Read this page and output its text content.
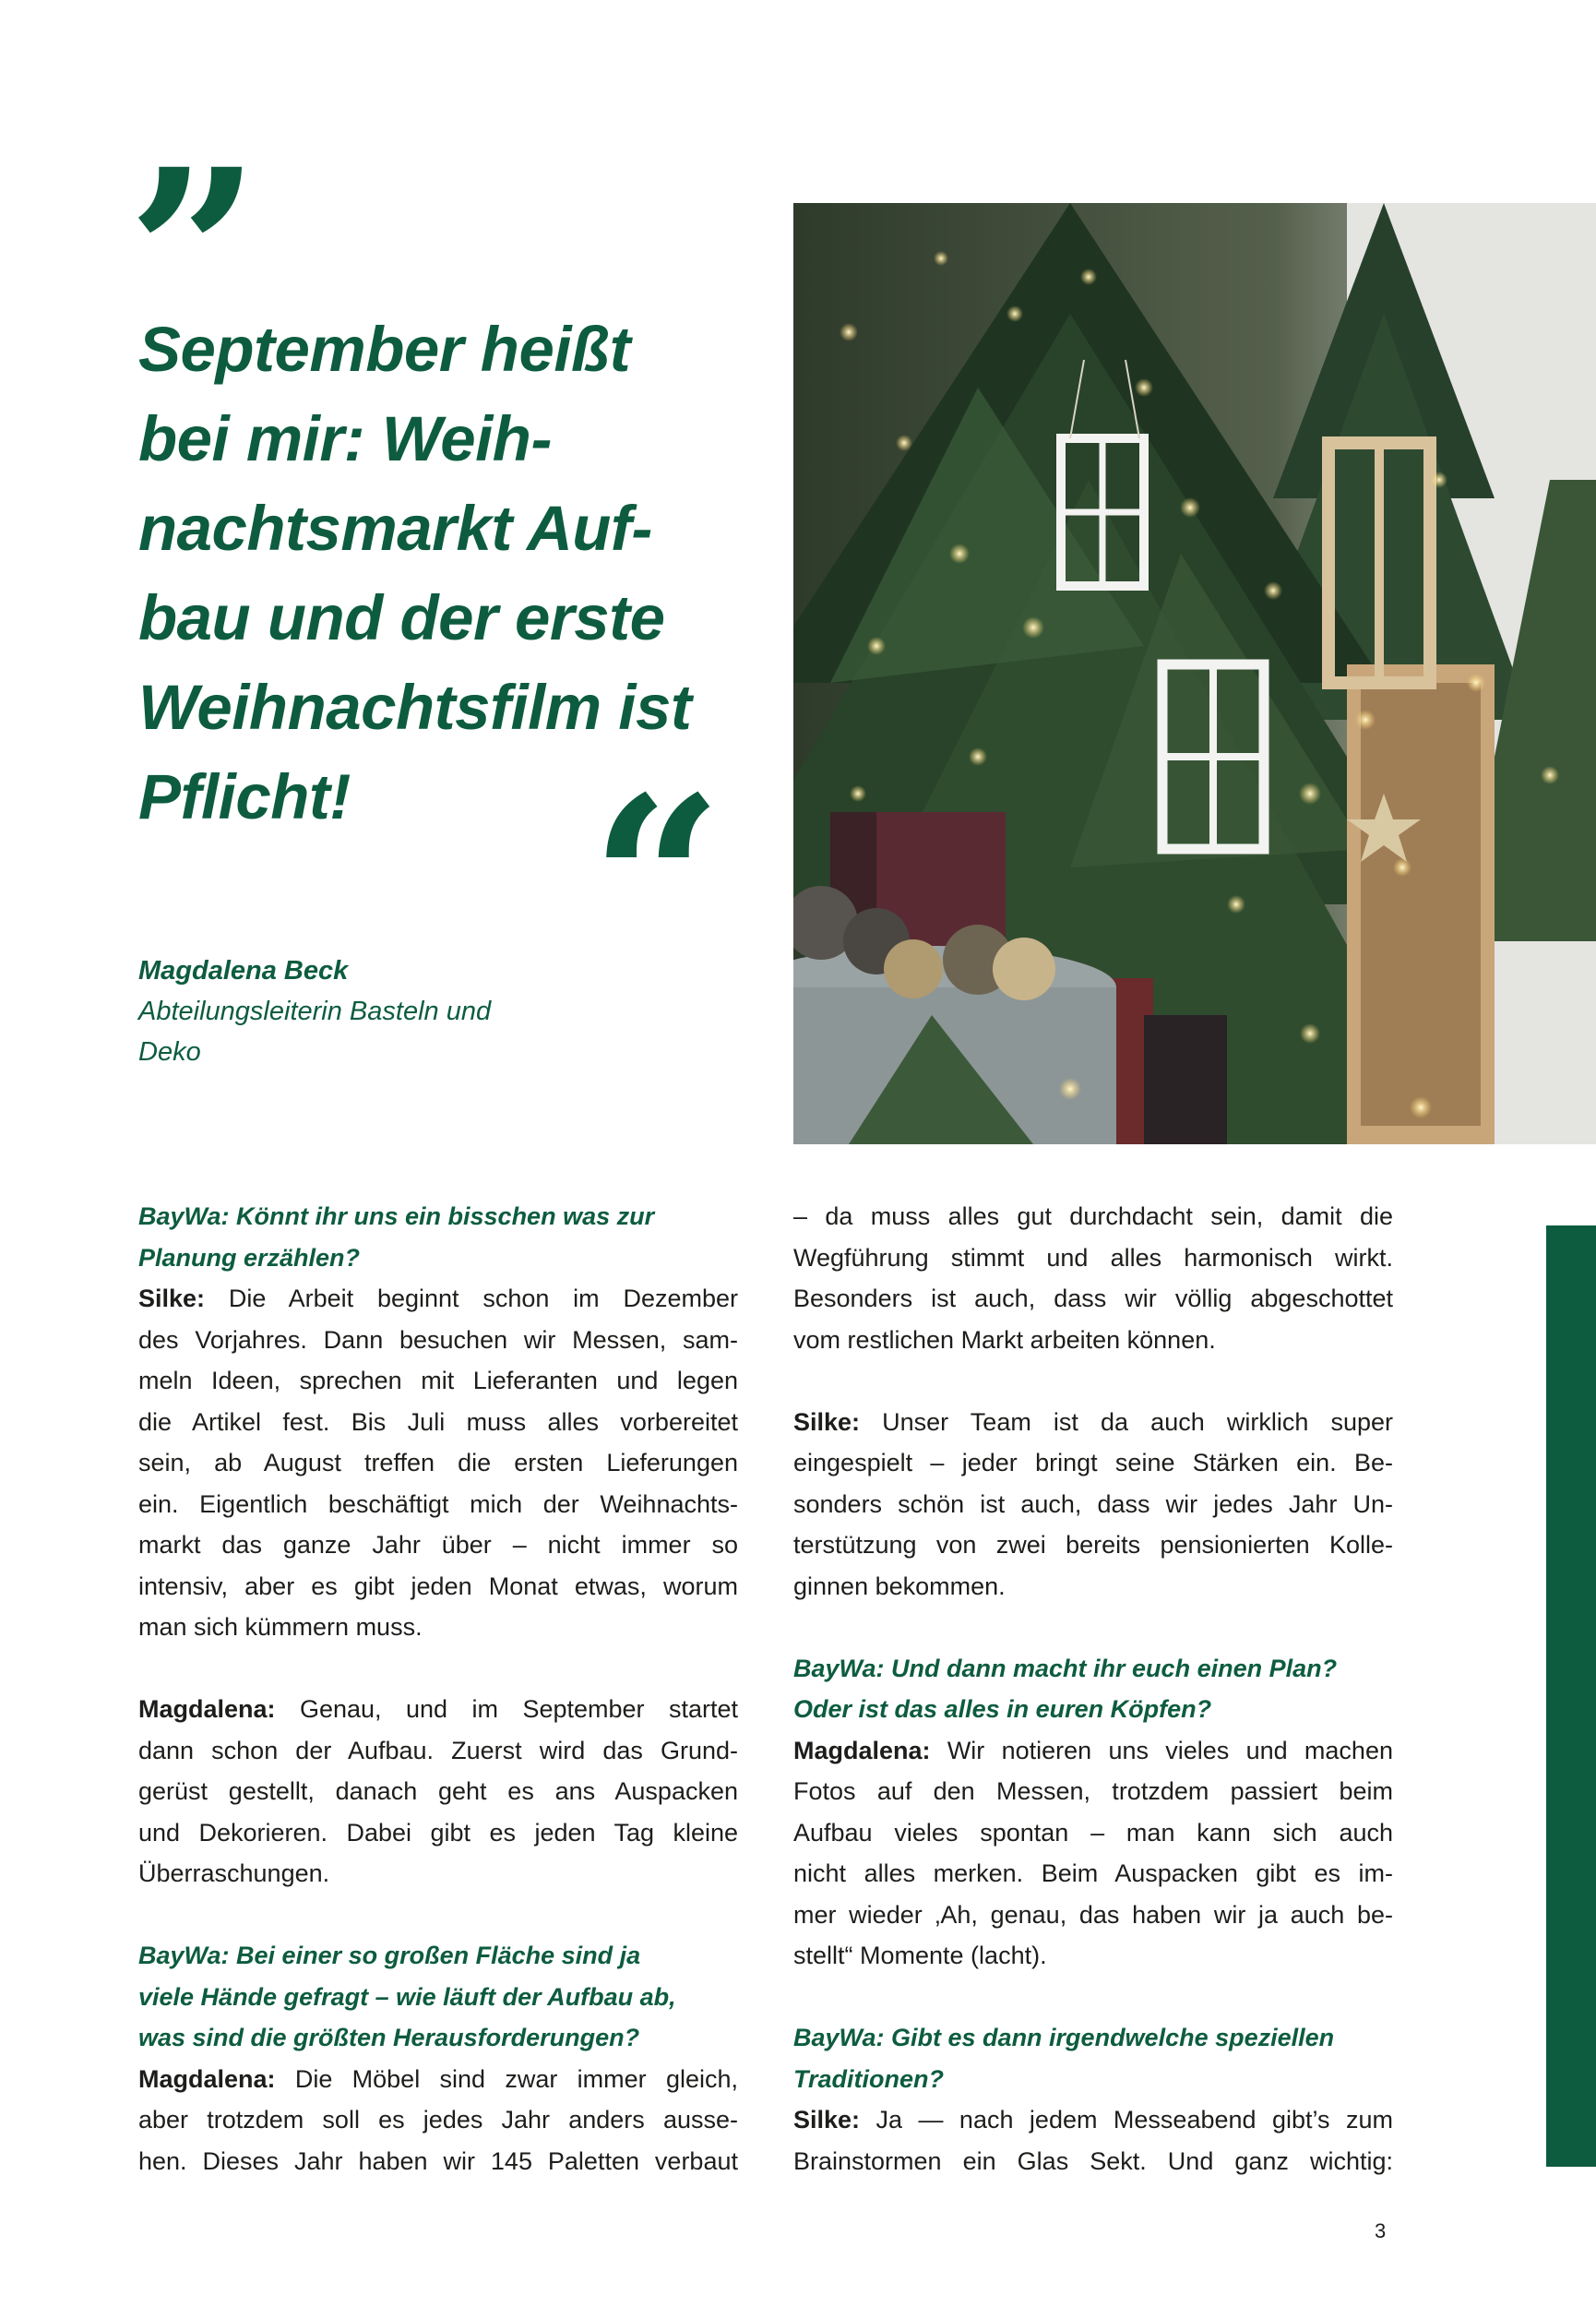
”
September heißt
bei mir: Weih-
nachtsmarkt Auf-
bau und der erste
Weihnachtsfilm ist
Pflicht!	“
Magdalena Beck
Abteilungsleiterin Basteln und
Deko
BayWa: Könnt ihr uns ein bisschen was zur
Planung erzählen?
Silke: Die Arbeit beginnt schon im Dezember
des Vorjahres. Dann besuchen wir Messen, sam-
meln Ideen, sprechen mit Lieferanten und legen
die Artikel fest. Bis Juli muss alles vorbereitet
sein, ab August treffen die ersten Lieferungen
ein. Eigentlich beschäftigt mich der Weihnachts-
markt das ganze Jahr über – nicht immer so
intensiv, aber es gibt jeden Monat etwas, worum
man sich kümmern muss.
Magdalena: Genau, und im September startet
dann schon der Aufbau. Zuerst wird das Grund-
gerüst gestellt, danach geht es ans Auspacken
und Dekorieren. Dabei gibt es jeden Tag kleine
Überraschungen.
BayWa: Bei einer so großen Fläche sind ja
viele Hände gefragt – wie läuft der Aufbau ab,
was sind die größten Herausforderungen?
Magdalena: Die Möbel sind zwar immer gleich,
aber trotzdem soll es jedes Jahr anders ausse-
hen. Dieses Jahr haben wir 145 Paletten verbaut
– da muss alles gut durchdacht sein, damit die
Wegführung stimmt und alles harmonisch wirkt.
Besonders ist auch, dass wir völlig abgeschottet
vom restlichen Markt arbeiten können.
Silke: Unser Team ist da auch wirklich super
eingespielt – jeder bringt seine Stärken ein. Be-
sonders schön ist auch, dass wir jedes Jahr Un-
terstützung von zwei bereits pensionierten Kolle-
ginnen bekommen.
BayWa: Und dann macht ihr euch einen Plan?
Oder ist das alles in euren Köpfen?
Magdalena: Wir notieren uns vieles und machen
Fotos auf den Messen, trotzdem passiert beim
Aufbau vieles spontan – man kann sich auch
nicht alles merken. Beim Auspacken gibt es im-
mer wieder ‚Ah, genau, das haben wir ja auch be-
stellt“ Momente (lacht).
BayWa: Gibt es dann irgendwelche speziellen
Traditionen?
Silke: Ja — nach jedem Messeabend gibt’s zum
Brainstormen ein Glas Sekt. Und ganz wichtig:
3
